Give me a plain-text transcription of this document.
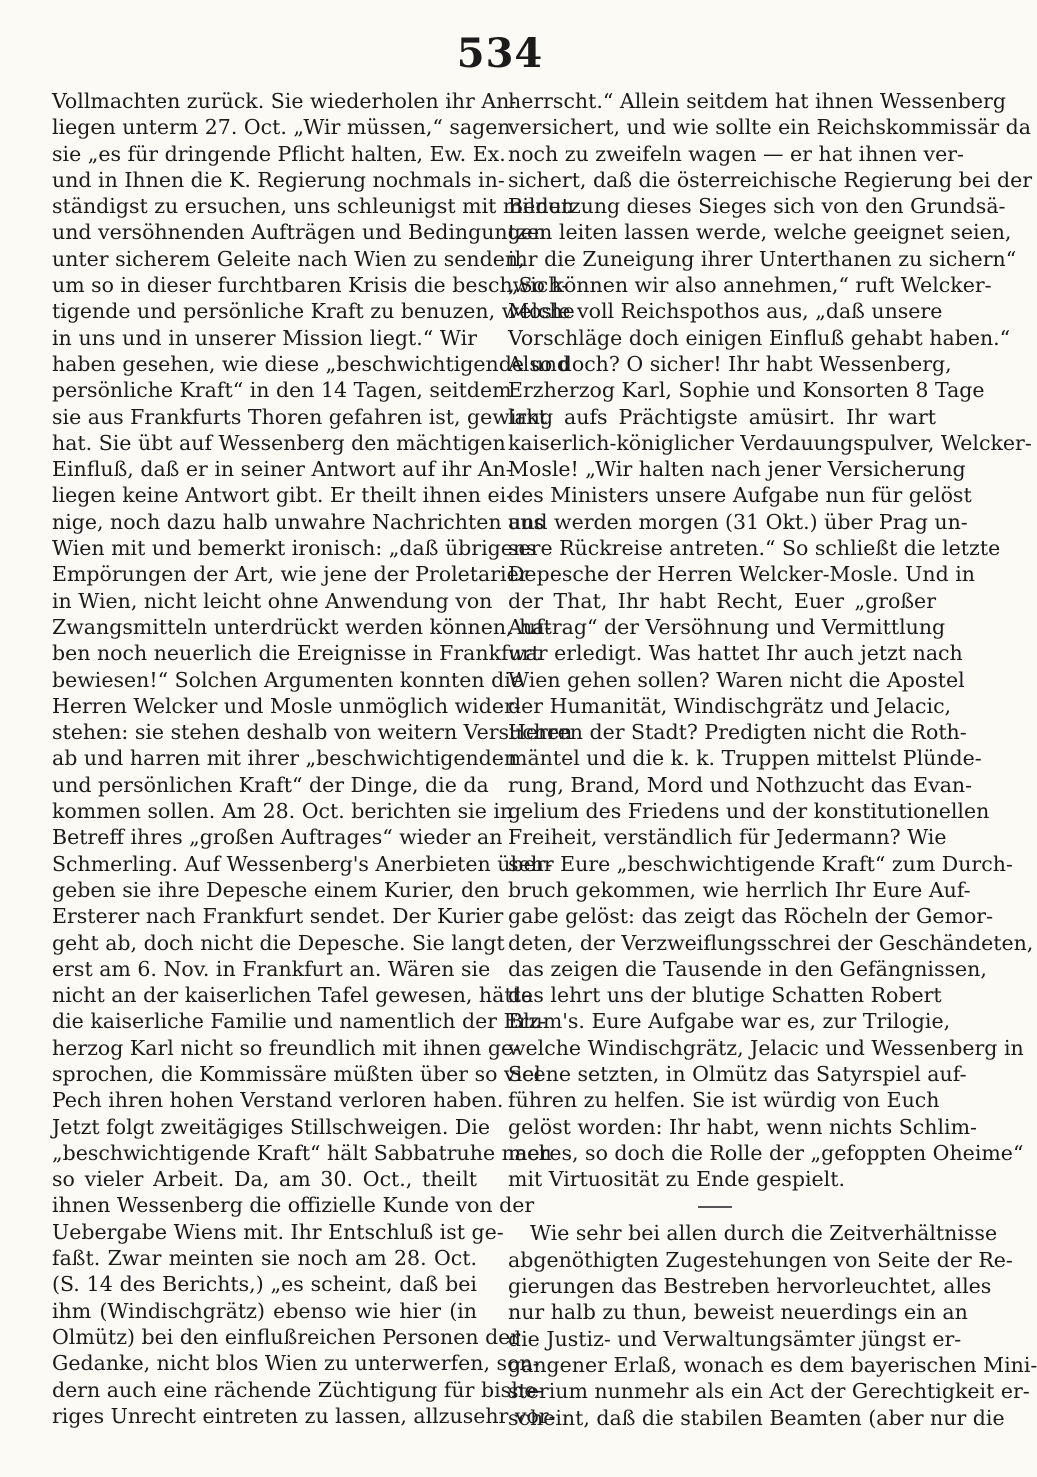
534
Vollmachten zurück. Sie wiederholen ihr An-
liegen unterm 27. Oct. „Wir müssen,“ sagen
sie „es für dringende Pflicht halten, Ew. Ex.
und in Ihnen die K. Regierung nochmals in-
ständigst zu ersuchen, uns schleunigst mit milden
und versöhnenden Aufträgen und Bedingungen
unter sicherem Geleite nach Wien zu senden,
um so in dieser furchtbaren Krisis die beschwich-
tigende und persönliche Kraft zu benuzen, welche
in uns und in unserer Mission liegt.“ Wir
haben gesehen, wie diese „beschwichtigende und
persönliche Kraft“ in den 14 Tagen, seitdem
sie aus Frankfurts Thoren gefahren ist, gewirkt
hat. Sie übt auf Wessenberg den mächtigen
Einfluß, daß er in seiner Antwort auf ihr An-
liegen keine Antwort gibt. Er theilt ihnen ei-
nige, noch dazu halb unwahre Nachrichten aus
Wien mit und bemerkt ironisch: „daß übrigens
Empörungen der Art, wie jene der Proletarier
in Wien, nicht leicht ohne Anwendung von
Zwangsmitteln unterdrückt werden können, ha-
ben noch neuerlich die Ereignisse in Frankfurt
bewiesen!“ Solchen Argumenten konnten die
Herren Welcker und Mosle unmöglich wider-
stehen: sie stehen deshalb von weitern Versuchen
ab und harren mit ihrer „beschwichtigenden
und persönlichen Kraft“ der Dinge, die da
kommen sollen. Am 28. Oct. berichten sie in
Betreff ihres „großen Auftrages“ wieder an
Schmerling. Auf Wessenberg's Anerbieten über-
geben sie ihre Depesche einem Kurier, den
Ersterer nach Frankfurt sendet. Der Kurier
geht ab, doch nicht die Depesche. Sie langt
erst am 6. Nov. in Frankfurt an. Wären sie
nicht an der kaiserlichen Tafel gewesen, hätte
die kaiserliche Familie und namentlich der Erz-
herzog Karl nicht so freundlich mit ihnen ge-
sprochen, die Kommissäre müßten über so viel
Pech ihren hohen Verstand verloren haben.
Jetzt folgt zweitägiges Stillschweigen. Die
„beschwichtigende Kraft“ hält Sabbatruhe nach
so vieler Arbeit. Da, am 30. Oct., theilt
ihnen Wessenberg die offizielle Kunde von der
Uebergabe Wiens mit. Ihr Entschluß ist ge-
faßt. Zwar meinten sie noch am 28. Oct.
(S. 14 des Berichts,) „es scheint, daß bei
ihm (Windischgrätz) ebenso wie hier (in
Olmütz) bei den einflußreichen Personen der
Gedanke, nicht blos Wien zu unterwerfen, son-
dern auch eine rächende Züchtigung für bishe-
riges Unrecht eintreten zu lassen, allzusehr vor-
herrscht.“ Allein seitdem hat ihnen Wessenberg
versichert, und wie sollte ein Reichskommissär da
noch zu zweifeln wagen — er hat ihnen ver-
sichert, daß die österreichische Regierung bei der
Benutzung dieses Sieges sich von den Grundsä-
tzen leiten lassen werde, welche geeignet seien,
ihr die Zuneigung ihrer Unterthanen zu sichern“
„So können wir also annehmen,“ ruft Welcker-
Mosle voll Reichspothos aus, „daß unsere
Vorschläge doch einigen Einfluß gehabt haben.“
Also doch? O sicher! Ihr habt Wessenberg,
Erzherzog Karl, Sophie und Konsorten 8 Tage
lang aufs Prächtigste amüsirt. Ihr wart
kaiserlich-königlicher Verdauungspulver, Welcker-
Mosle! „Wir halten nach jener Versicherung
des Ministers unsere Aufgabe nun für gelöst
und werden morgen (31 Okt.) über Prag un-
sere Rückreise antreten.“ So schließt die letzte
Depesche der Herren Welcker-Mosle. Und in
der That, Ihr habt Recht, Euer „großer
Auftrag“ der Versöhnung und Vermittlung
war erledigt. Was hattet Ihr auch jetzt nach
Wien gehen sollen? Waren nicht die Apostel
der Humanität, Windischgrätz und Jelacic,
Herren der Stadt? Predigten nicht die Roth-
mäntel und die k. k. Truppen mittelst Plünde-
rung, Brand, Mord und Nothzucht das Evan-
gelium des Friedens und der konstitutionellen
Freiheit, verständlich für Jedermann? Wie
sehr Eure „beschwichtigende Kraft“ zum Durch-
bruch gekommen, wie herrlich Ihr Eure Auf-
gabe gelöst: das zeigt das Röcheln der Gemor-
deten, der Verzweiflungsschrei der Geschändeten,
das zeigen die Tausende in den Gefängnissen,
das lehrt uns der blutige Schatten Robert
Blum's. Eure Aufgabe war es, zur Trilogie,
welche Windischgrätz, Jelacic und Wessenberg in
Scene setzten, in Olmütz das Satyrspiel auf-
führen zu helfen. Sie ist würdig von Euch
gelöst worden: Ihr habt, wenn nichts Schlim-
meres, so doch die Rolle der „gefoppten Oheime“
mit Virtuosität zu Ende gespielt.
Wie sehr bei allen durch die Zeitverhältnisse
abgenöthigten Zugestehungen von Seite der Re-
gierungen das Bestreben hervorleuchtet, alles
nur halb zu thun, beweist neuerdings ein an
die Justiz- und Verwaltungsämter jüngst er-
gangener Erlaß, wonach es dem bayerischen Mini-
sterium nunmehr als ein Act der Gerechtigkeit er-
scheint, daß die stabilen Beamten (aber nur die
